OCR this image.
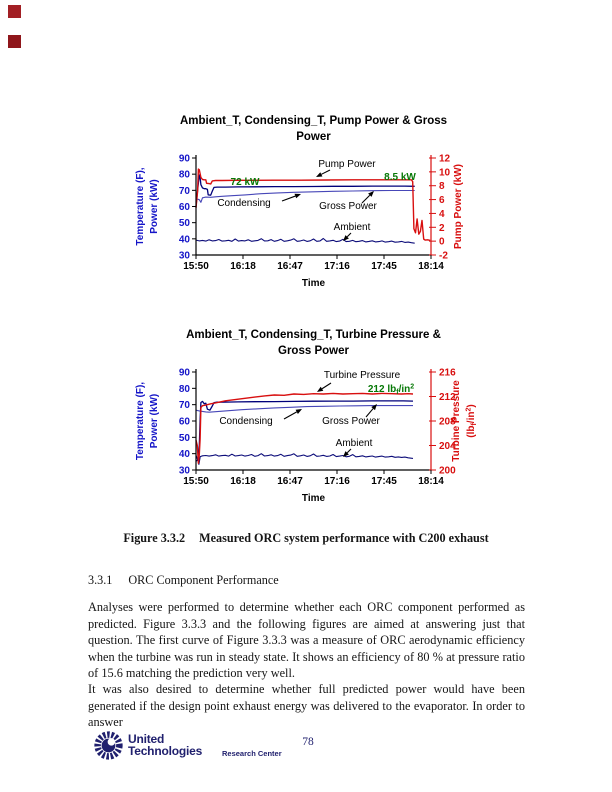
Ambient_T, Condensing_T, Pump Power & Gross
Power
90
80
70
60
50
40
30
12
10
8
6
4
2
0
-2
15:50 16:18 16:47 17:16 17:45 18:14
Time
Temperature (F), Power (kW)	Pump Power (kW)
Pump Power
8.5 kW
72 kW
Condensing	Gross Power
Ambient
Ambient_T, Condensing_T, Turbine Pressure &
Gross Power
90
80
70
60
50
40
30
216
212
208
204
200
15:50 16:18 16:47 17:16 17:45 18:14
Time
Temperature (F), Power (kW)	Turbine Pressure $(lb_f/in^2)$
Turbine Pressure
212 $lb_f/in^2$
Condensing	Gross Power
Ambient
Figure 3.3.2 Measured ORC system performance with C200 exhaust
3.3.1 ORC Component Performance

Analyses were performed to determine whether each ORC component performed as predicted. Figure 3.3.3 and the following figures are aimed at answering just that question. The first curve of Figure 3.3.3 was a measure of ORC aerodynamic efficiency when the turbine was run in steady state. It shows an efficiency of 80 % at pressure ratio of 15.6 matching the prediction very well.

It was also desired to determine whether full predicted power would have been generated if the design point exhaust energy was delivered to the evaporator. In order to answer

United
Technologies	Research Center
78
